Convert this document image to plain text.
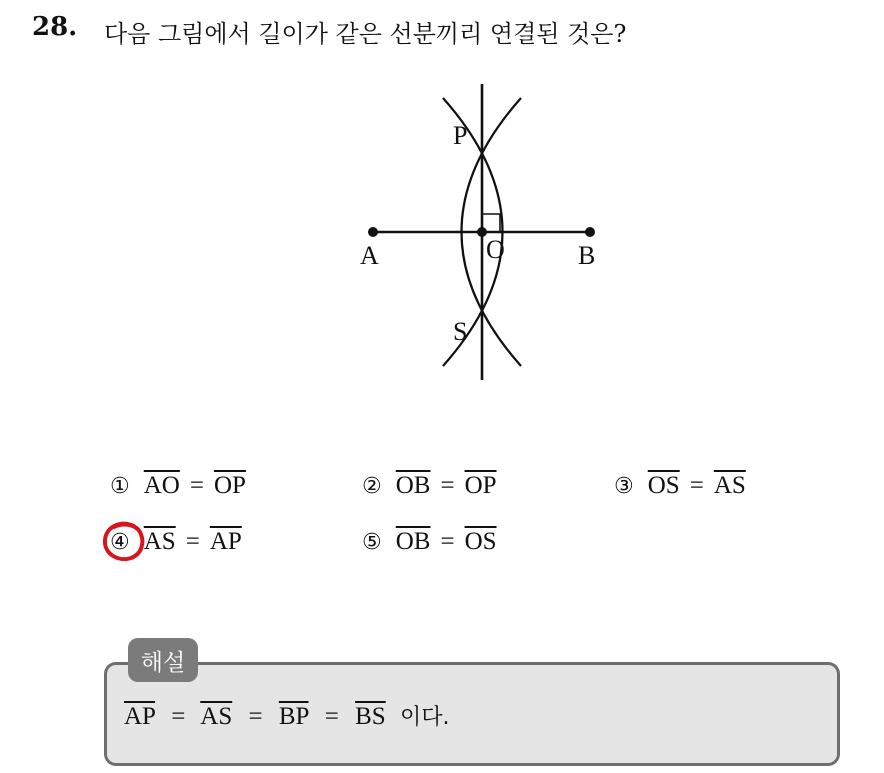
28. 다음 그림에서 길이가 같은 선분끼리 연결된 것은?
A	O	B
P
S
① $\overline{AO} = \overline{OP}$	② $\overline{OB} = \overline{OP}$	③ $\overline{OS} = \overline{AS}$
④ $\overline{AS} = \overline{AP}$	⑤ $\overline{OB} = \overline{OS}$
해설
$\overline{AP} = \overline{AS} = \overline{BP} = \overline{BS}$ 이다.
